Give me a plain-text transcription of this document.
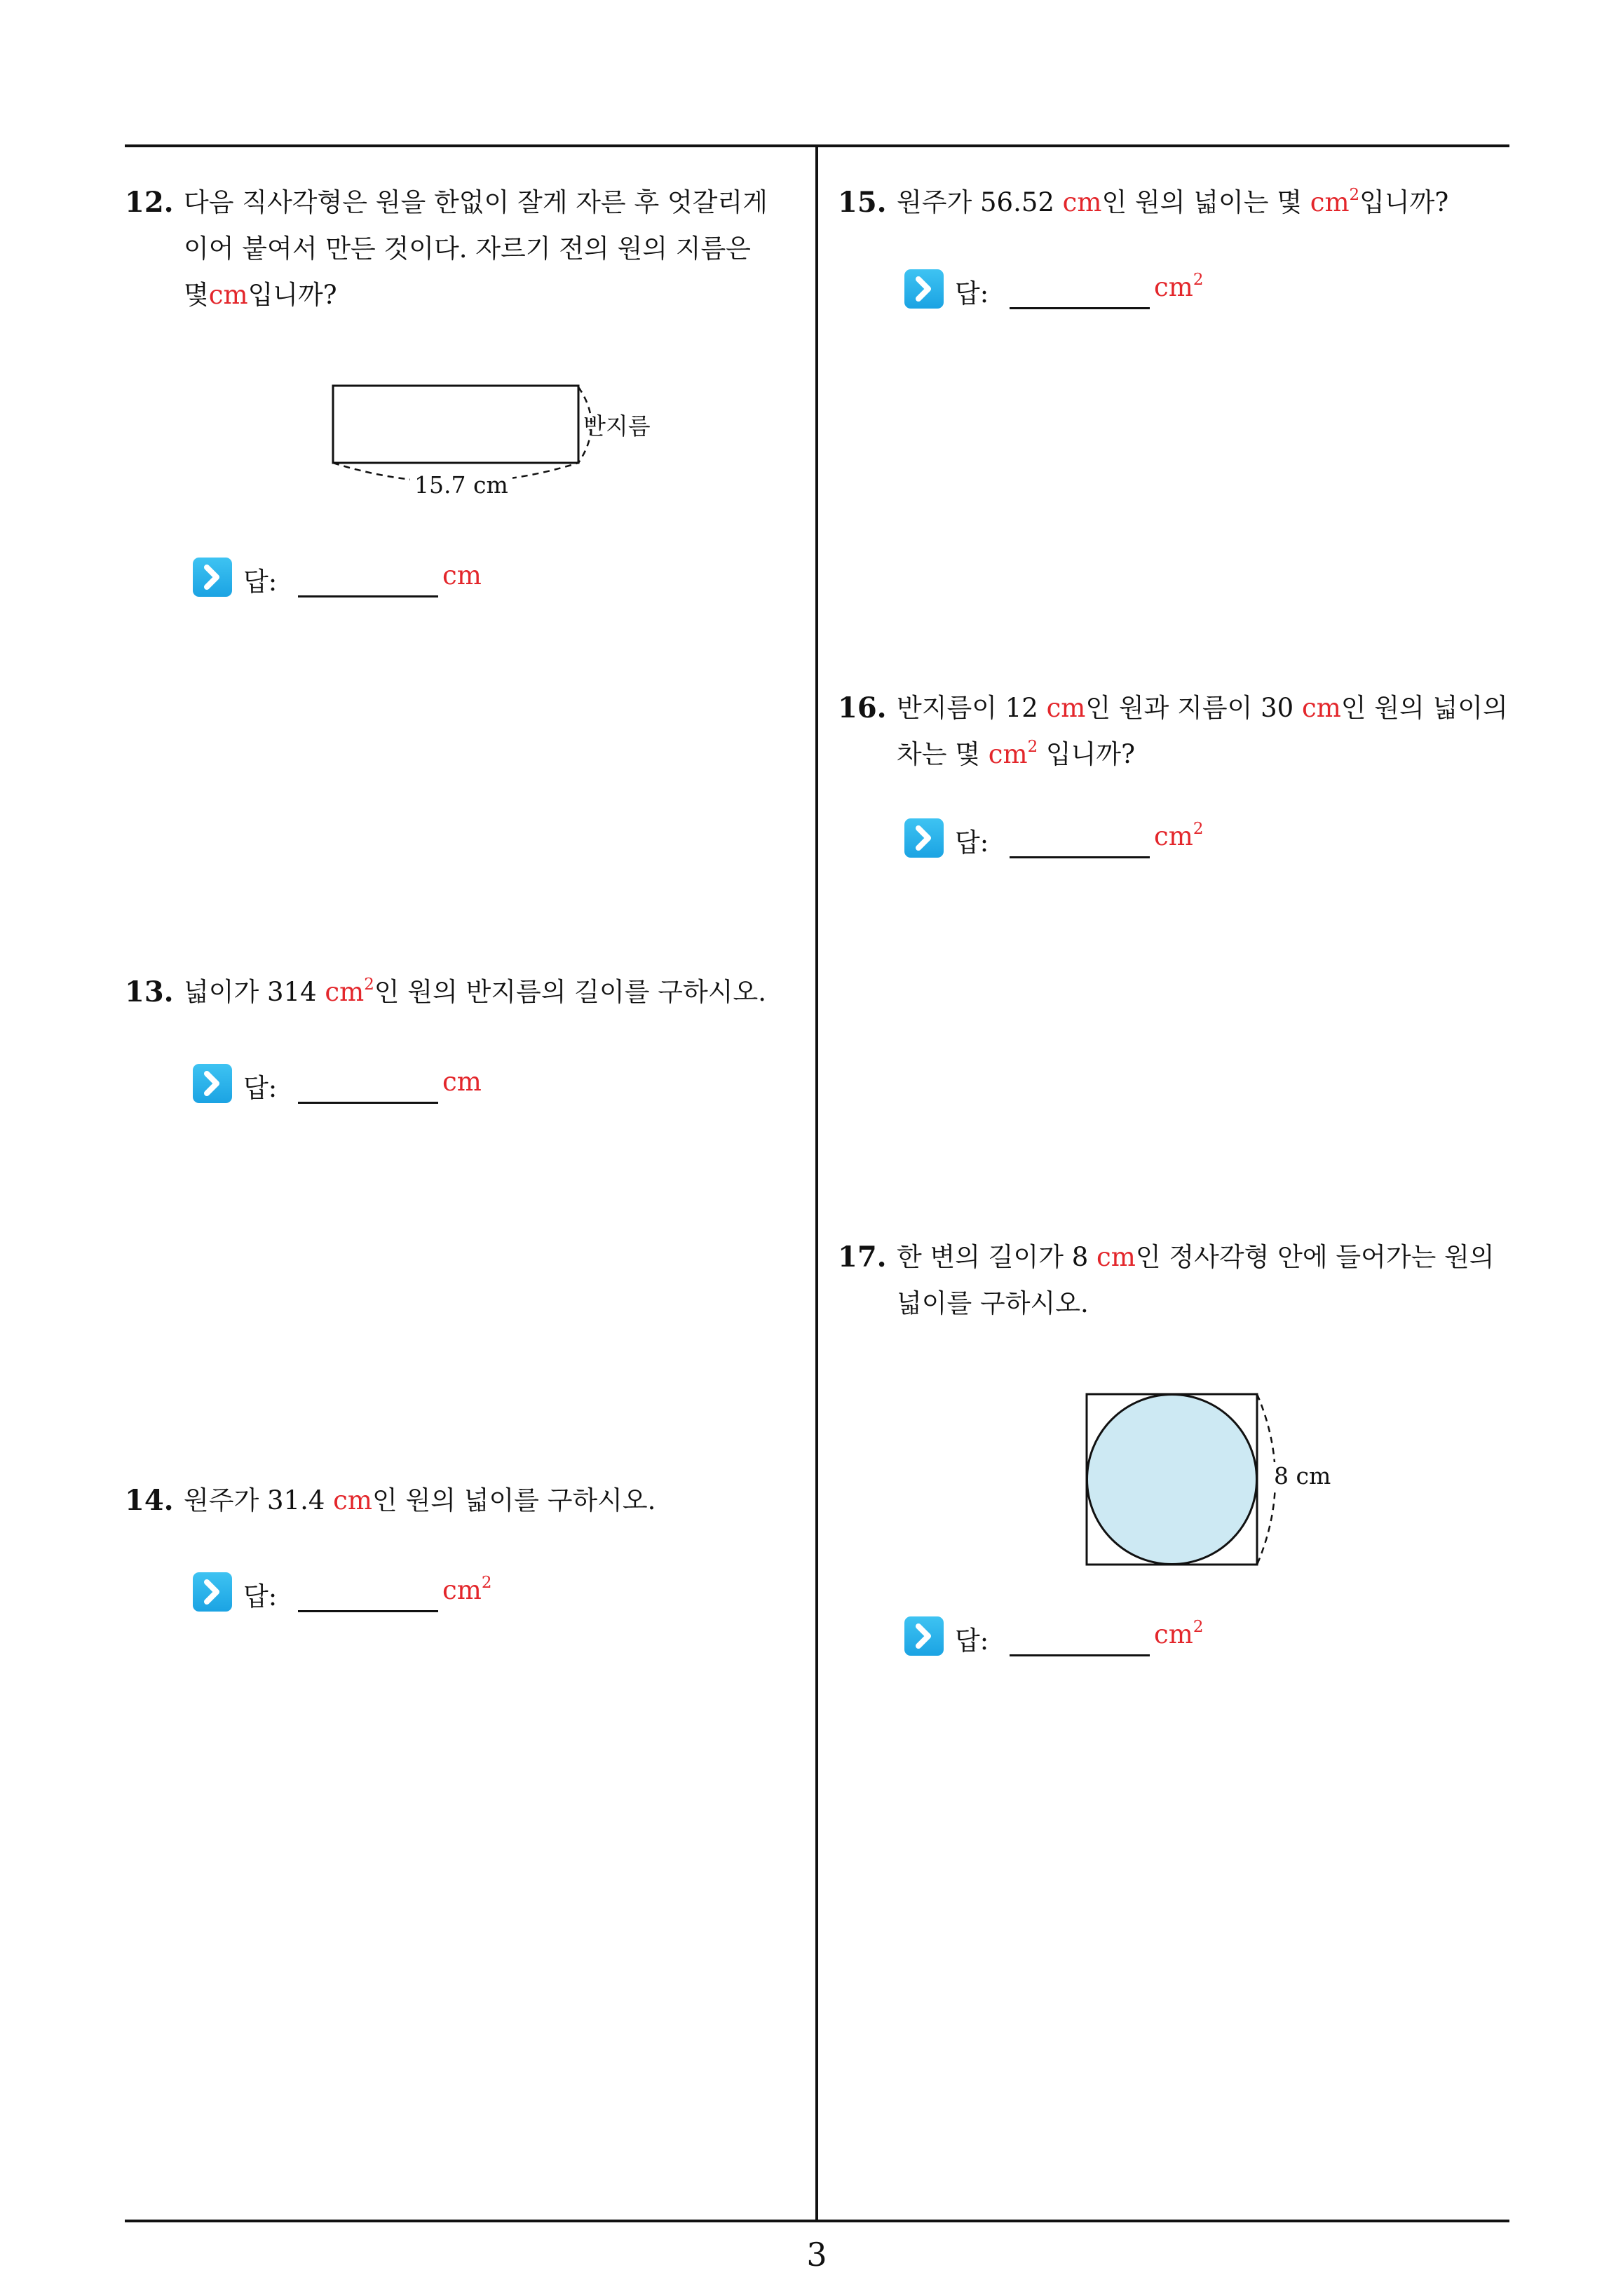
12. 다음 직사각형은 원을 한없이 잘게 자른 후 엇갈리게
이어 붙여서 만든 것이다. 자르기 전의 원의 지름은
몇cm입니까?
반지름
15.7 cm
답:	cm
13. 넓이가 314 $cm^2$인 원의 반지름의 길이를 구하시오.
답:	cm
14. 원주가 31.4 cm인 원의 넓이를 구하시오.
답:	$cm^2$
15. 원주가 56.52 cm인 원의 넓이는 몇 $cm^2$입니까?
답:	$cm^2$
16. 반지름이 12 cm인 원과 지름이 30 cm인 원의 넓이의
차는 몇 $cm^2$ 입니까?
답:	$cm^2$
17. 한 변의 길이가 8 cm인 정사각형 안에 들어가는 원의
넓이를 구하시오.
8 cm
답:	$cm^2$
3
